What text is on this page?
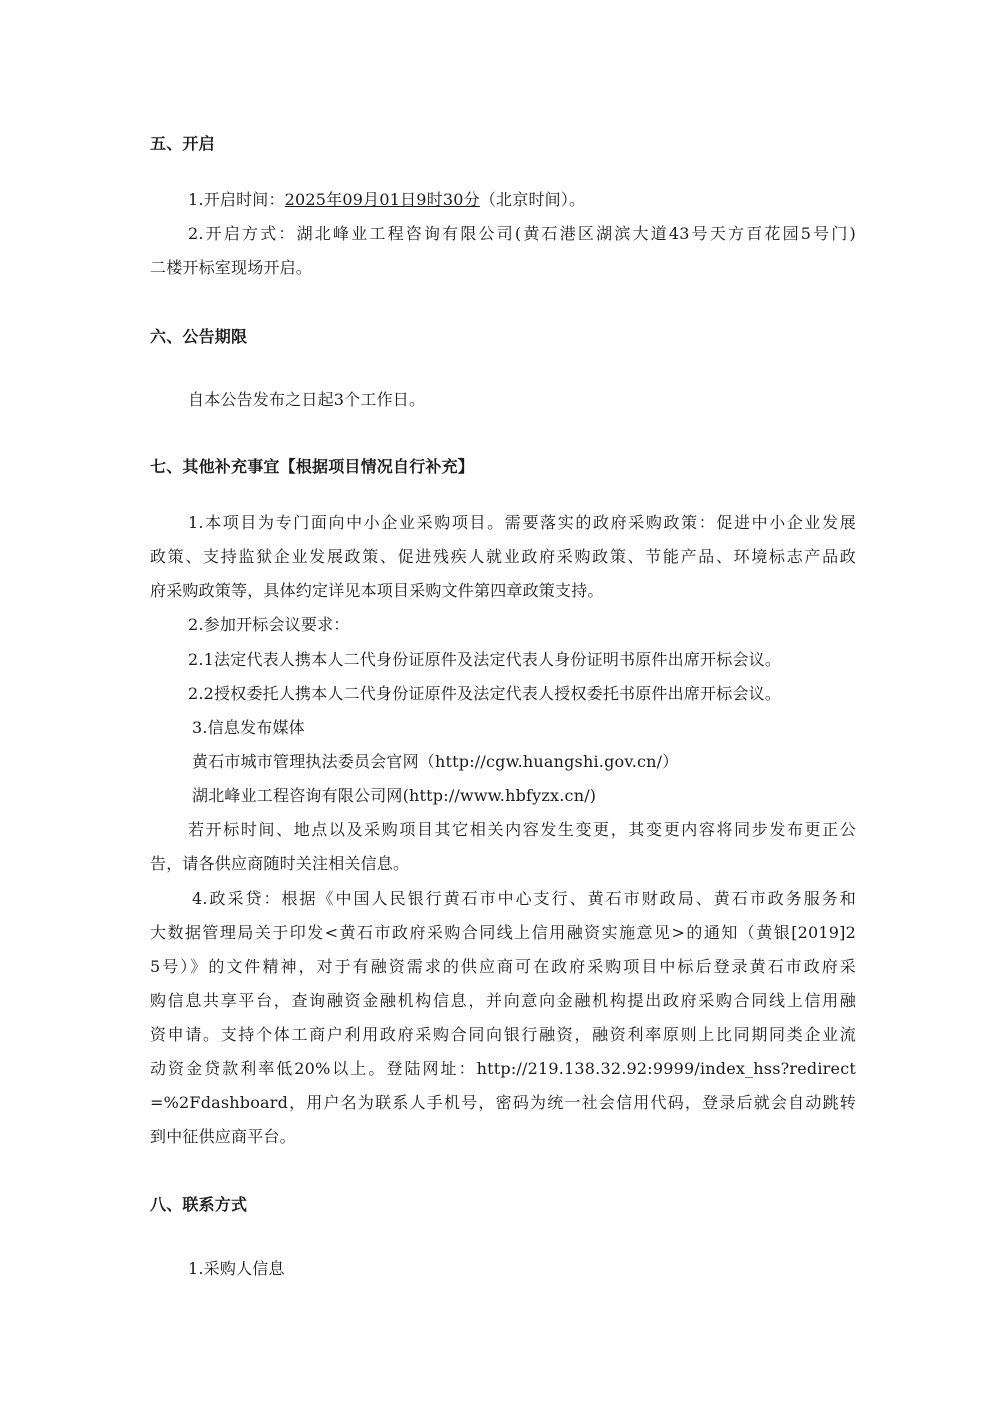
五、开启
1.开启时间：2025年09月01日9时30分（北京时间）。
2.开启方式：湖北峰业工程咨询有限公司(黄石港区湖滨大道43号天方百花园5号门)
二楼开标室现场开启。
六、公告期限
自本公告发布之日起3个工作日。
七、其他补充事宜【根据项目情况自行补充】
1.本项目为专门面向中小企业采购项目。需要落实的政府采购政策：促进中小企业发展
政策、支持监狱企业发展政策、促进残疾人就业政府采购政策、节能产品、环境标志产品政
府采购政策等，具体约定详见本项目采购文件第四章政策支持。
2.参加开标会议要求：
2.1法定代表人携本人二代身份证原件及法定代表人身份证明书原件出席开标会议。
2.2授权委托人携本人二代身份证原件及法定代表人授权委托书原件出席开标会议。
3.信息发布媒体
黄石市城市管理执法委员会官网（http://cgw.huangshi.gov.cn/）
湖北峰业工程咨询有限公司网(http://www.hbfyzx.cn/)
若开标时间、地点以及采购项目其它相关内容发生变更，其变更内容将同步发布更正公
告，请各供应商随时关注相关信息。
4.政采贷：根据《中国人民银行黄石市中心支行、黄石市财政局、黄石市政务服务和
大数据管理局关于印发<黄石市政府采购合同线上信用融资实施意见>的通知（黄银[2019]2
5号）》的文件精神，对于有融资需求的供应商可在政府采购项目中标后登录黄石市政府采
购信息共享平台，查询融资金融机构信息，并向意向金融机构提出政府采购合同线上信用融
资申请。支持个体工商户利用政府采购合同向银行融资，融资利率原则上比同期同类企业流
动资金贷款利率低20%以上。登陆网址：http://219.138.32.92:9999/index_hss?redirect
=%2Fdashboard，用户名为联系人手机号，密码为统一社会信用代码，登录后就会自动跳转
到中征供应商平台。
八、联系方式
1.采购人信息
